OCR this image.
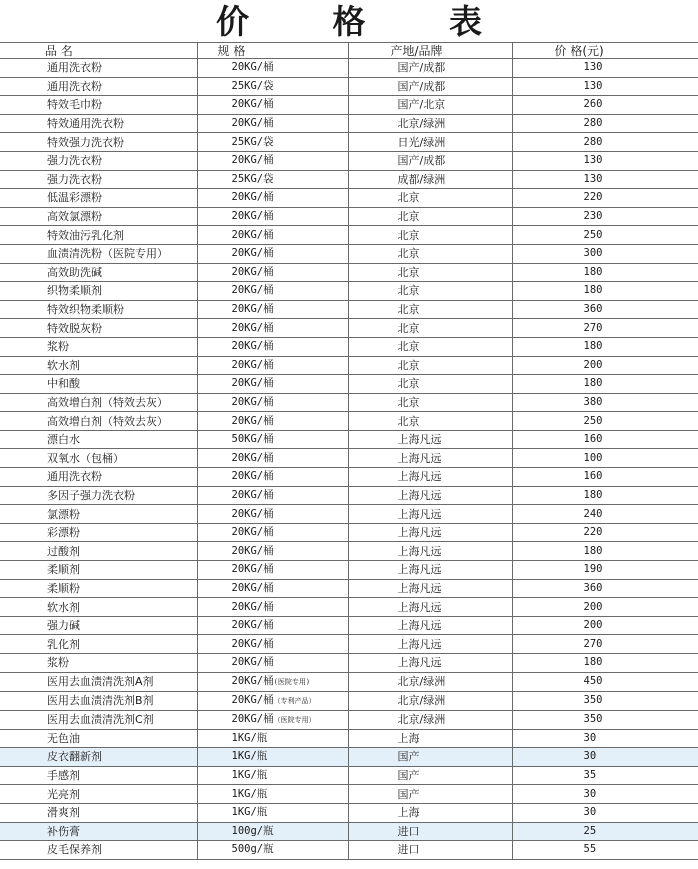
价 格 表
品 名	规 格	产地/品牌	价 格(元)
通用洗衣粉	20KG/桶	国产/成都	130
通用洗衣粉	25KG/袋	国产/成都	130
特效毛巾粉	20KG/桶	国产/北京	260
特效通用洗衣粉	20KG/桶	北京/绿洲	280
特效强力洗衣粉	25KG/袋	日光/绿洲	280
强力洗衣粉	20KG/桶	国产/成都	130
强力洗衣粉	25KG/袋	成都/绿洲	130
低温彩漂粉	20KG/桶	北京	220
高效氯漂粉	20KG/桶	北京	230
特效油污乳化剂	20KG/桶	北京	250
血渍清洗粉（医院专用）	20KG/桶	北京	300
高效助洗碱	20KG/桶	北京	180
织物柔顺剂	20KG/桶	北京	180
特效织物柔顺粉	20KG/桶	北京	360
特效脱灰粉	20KG/桶	北京	270
浆粉	20KG/桶	北京	180
软水剂	20KG/桶	北京	200
中和酸	20KG/桶	北京	180
高效增白剂（特效去灰）	20KG/桶	北京	380
高效增白剂（特效去灰）	20KG/桶	北京	250
漂白水	50KG/桶	上海凡远	160
双氧水（包桶）	20KG/桶	上海凡远	100
通用洗衣粉	20KG/桶	上海凡远	160
多因子强力洗衣粉	20KG/桶	上海凡远	180
氯漂粉	20KG/桶	上海凡远	240
彩漂粉	20KG/桶	上海凡远	220
过酸剂	20KG/桶	上海凡远	180
柔顺剂	20KG/桶	上海凡远	190
柔顺粉	20KG/桶	上海凡远	360
软水剂	20KG/桶	上海凡远	200
强力碱	20KG/桶	上海凡远	200
乳化剂	20KG/桶	上海凡远	270
浆粉	20KG/桶	上海凡远	180
医用去血渍清洗剂A剂	20KG/桶(医院专用)	北京/绿洲	450
医用去血渍清洗剂B剂	20KG/桶（专利产品）	北京/绿洲	350
医用去血渍清洗剂C剂	20KG/桶（医院专用）	北京/绿洲	350
无色油	1KG/瓶	上海	30
皮衣翻新剂	1KG/瓶	国产	30
手感剂	1KG/瓶	国产	35
光亮剂	1KG/瓶	国产	30
滑爽剂	1KG/瓶	上海	30
补伤膏	100g/瓶	进口	25
皮毛保养剂	500g/瓶	进口	55
